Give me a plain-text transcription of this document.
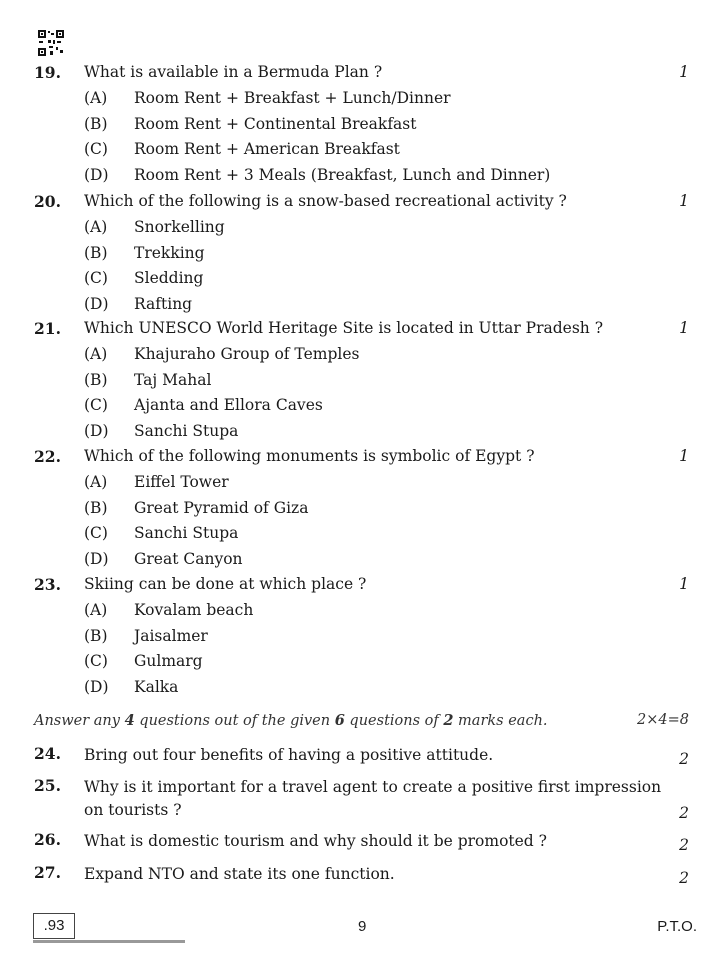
19. What is available in a Bermuda Plan ?	1
(A) Room Rent + Breakfast + Lunch/Dinner
(B) Room Rent + Continental Breakfast
(C) Room Rent + American Breakfast
(D) Room Rent + 3 Meals (Breakfast, Lunch and Dinner)
20. Which of the following is a snow-based recreational activity ?	1
(A) Snorkelling
(B) Trekking
(C) Sledding
(D) Rafting
21. Which UNESCO World Heritage Site is located in Uttar Pradesh ?	1
(A) Khajuraho Group of Temples
(B) Taj Mahal
(C) Ajanta and Ellora Caves
(D) Sanchi Stupa
22. Which of the following monuments is symbolic of Egypt ?	1
(A) Eiffel Tower
(B) Great Pyramid of Giza
(C) Sanchi Stupa
(D) Great Canyon
23. Skiing can be done at which place ?	1
(A) Kovalam beach
(B) Jaisalmer
(C) Gulmarg
(D) Kalka
Answer any 4 questions out of the given 6 questions of 2 marks each.	2×4=8
24. Bring out four benefits of having a positive attitude.	2
25. Why is it important for a travel agent to create a positive first impression on tourists ?	2
26. What is domestic tourism and why should it be promoted ?	2
27. Expand NTO and state its one function.	2
.93	9	P.T.O.
